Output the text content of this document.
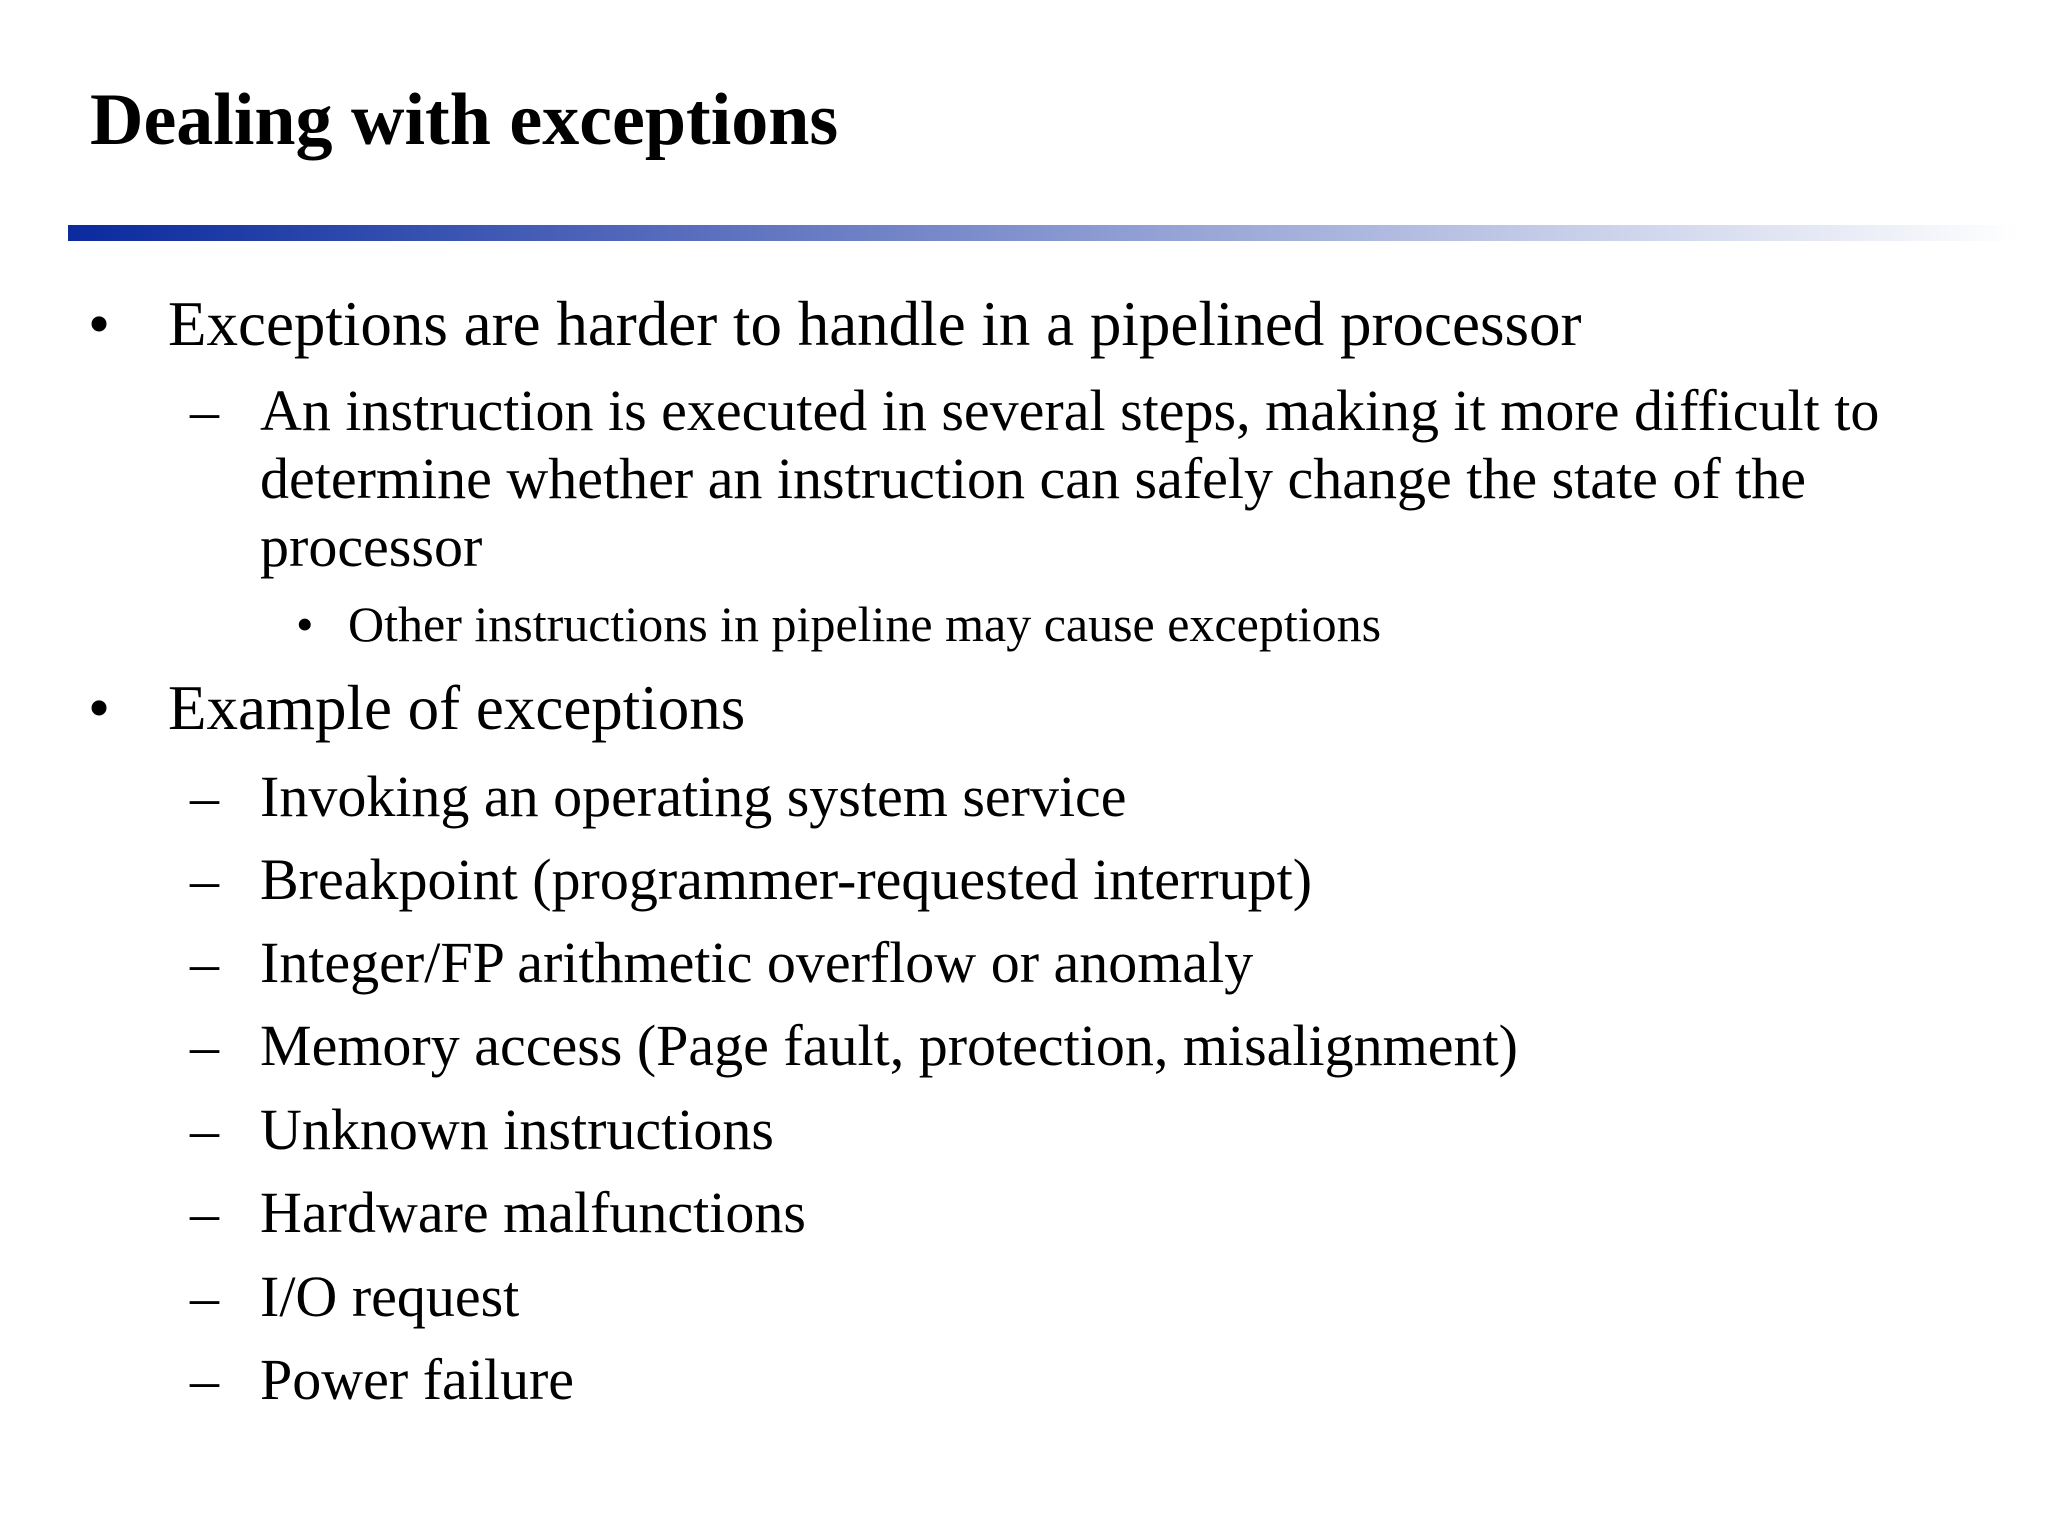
Dealing with exceptions
• Exceptions are harder to handle in a pipelined processor
– An instruction is executed in several steps, making it more difficult to determine whether an instruction can safely change the state of the processor
• Other instructions in pipeline may cause exceptions
• Example of exceptions
– Invoking an operating system service
– Breakpoint (programmer-requested interrupt)
– Integer/FP arithmetic overflow or anomaly
– Memory access (Page fault, protection, misalignment)
– Unknown instructions
– Hardware malfunctions
– I/O request
– Power failure
